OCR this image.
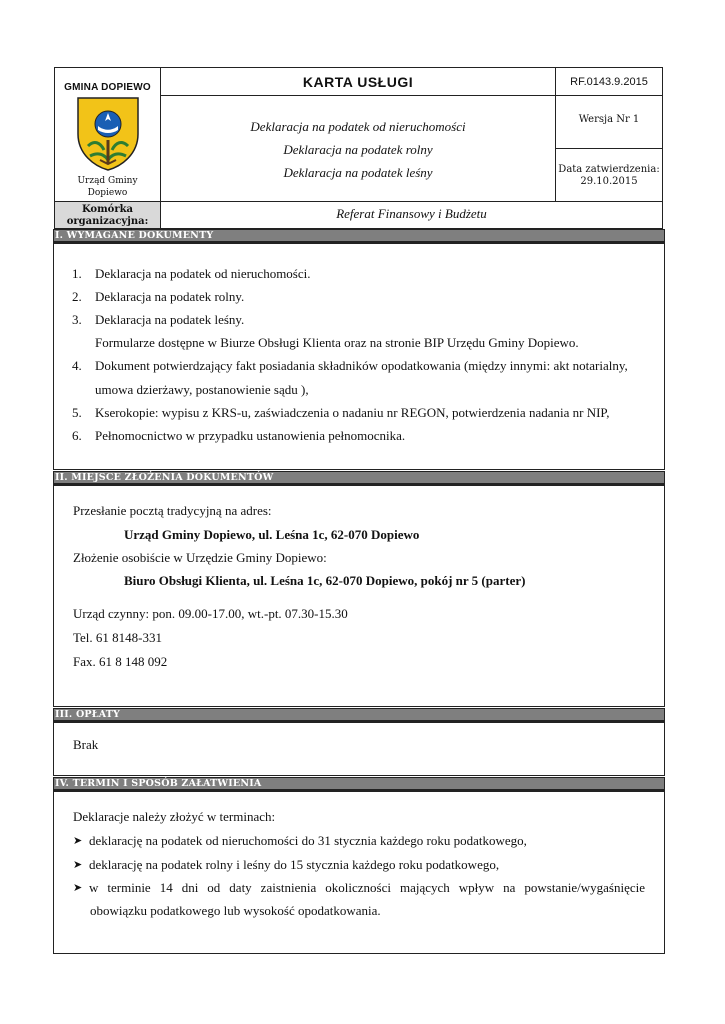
GMINA DOPIEWO
Urząd Gminy
Dopiewo
KARTA USŁUGI	RF.0143.9.2015
Deklaracja na podatek od nieruchomości
Deklaracja na podatek rolny
Deklaracja na podatek leśny
Wersja Nr 1
Data zatwierdzenia:
29.10.2015
Komórka organizacyjna:
Referat Finansowy i Budżetu
I. WYMAGANE DOKUMENTY
1. Deklaracja na podatek od nieruchomości.
2. Deklaracja na podatek rolny.
3. Deklaracja na podatek leśny.
Formularze dostępne w Biurze Obsługi Klienta oraz na stronie BIP Urzędu Gminy Dopiewo.
4. Dokument potwierdzający fakt posiadania składników opodatkowania (między innymi: akt notarialny,
umowa dzierżawy, postanowienie sądu ),
5. Kserokopie: wypisu z KRS-u, zaświadczenia o nadaniu nr REGON, potwierdzenia nadania nr NIP,
6. Pełnomocnictwo w przypadku ustanowienia pełnomocnika.
II. MIEJSCE ZŁOŻENIA DOKUMENTÓW
Przesłanie pocztą tradycyjną na adres:
Urząd Gminy Dopiewo, ul. Leśna 1c, 62-070 Dopiewo
Złożenie osobiście w Urzędzie Gminy Dopiewo:
Biuro Obsługi Klienta, ul. Leśna 1c, 62-070 Dopiewo, pokój nr 5 (parter)
Urząd czynny: pon. 09.00-17.00, wt.-pt. 07.30-15.30
Tel. 61 8148-331
Fax. 61 8 148 092
III. OPŁATY
Brak
IV. TERMIN I SPOSÓB ZAŁATWIENIA
Deklaracje należy złożyć w terminach:
➤ deklarację na podatek od nieruchomości do 31 stycznia każdego roku podatkowego,
➤ deklarację na podatek rolny i leśny do 15 stycznia każdego roku podatkowego,
➤ w terminie 14 dni od daty zaistnienia okoliczności mających wpływ na powstanie/wygaśnięcie
obowiązku podatkowego lub wysokość opodatkowania.
